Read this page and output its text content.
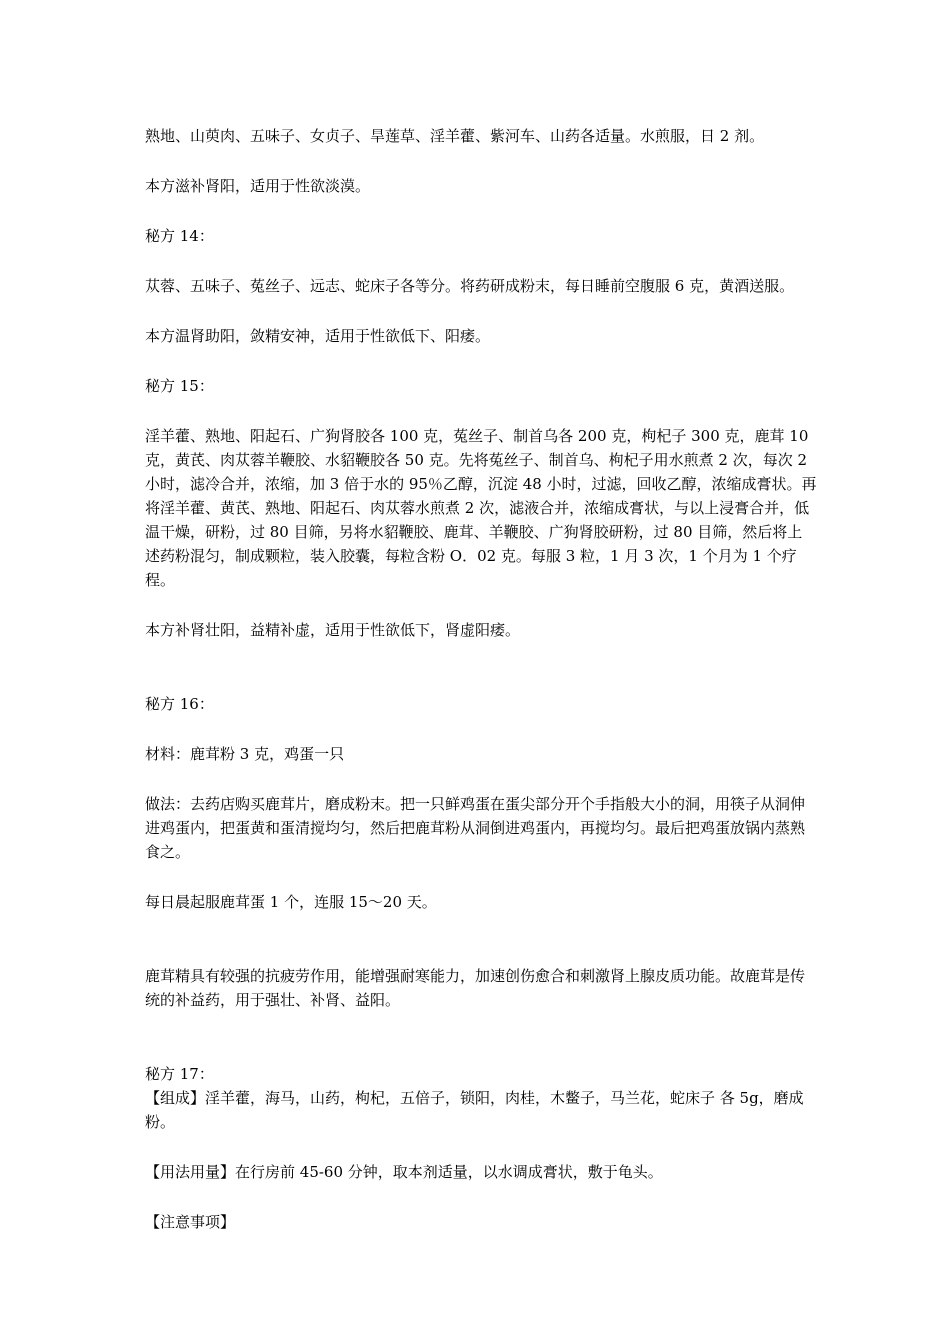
熟地、山萸肉、五味子、女贞子、旱莲草、淫羊藿、紫河车、山药各适量。水煎服，日 2 剂。

本方滋补肾阳，适用于性欲淡漠。

秘方 14：

苁蓉、五味子、菟丝子、远志、蛇床子各等分。将药研成粉末，每日睡前空腹服 6 克，黄酒送服。

本方温肾助阳，敛精安神，适用于性欲低下、阳痿。

秘方 15：

淫羊藿、熟地、阳起石、广狗肾胶各 100 克，菟丝子、制首乌各 200 克，枸杞子 300 克，鹿茸 10 克，黄芪、肉苁蓉羊鞭胶、水貂鞭胶各 50 克。先将菟丝子、制首乌、枸杞子用水煎煮 2 次，每次 2 小时，滤冷合并，浓缩，加 3 倍于水的 95％乙醇，沉淀 48 小时，过滤，回收乙醇，浓缩成膏状。再将淫羊藿、黄芪、熟地、阳起石、肉苁蓉水煎煮 2 次，滤液合并，浓缩成膏状，与以上浸膏合并，低温干燥，研粉，过 80 目筛，另将水貂鞭胶、鹿茸、羊鞭胶、广狗肾胶研粉，过 80 目筛，然后将上述药粉混匀，制成颗粒，装入胶囊，每粒含粉 O．02 克。每服 3 粒，1 月 3 次，1 个月为 1 个疗程。

本方补肾壮阳，益精补虚，适用于性欲低下，肾虚阳痿。

秘方 16：

材料：鹿茸粉 3 克，鸡蛋一只

做法：去药店购买鹿茸片，磨成粉末。把一只鲜鸡蛋在蛋尖部分开个手指般大小的洞，用筷子从洞伸进鸡蛋内，把蛋黄和蛋清搅均匀，然后把鹿茸粉从洞倒进鸡蛋内，再搅均匀。最后把鸡蛋放锅内蒸熟食之。

每日晨起服鹿茸蛋 1 个，连服 15～20 天。

鹿茸精具有较强的抗疲劳作用，能增强耐寒能力，加速创伤愈合和刺激肾上腺皮质功能。故鹿茸是传统的补益药，用于强壮、补肾、益阳。

秘方 17：

【组成】淫羊藿，海马，山药，枸杞，五倍子，锁阳，肉桂，木鳖子，马兰花，蛇床子 各 5g，磨成粉。

【用法用量】在行房前 45-60 分钟，取本剂适量，以水调成膏状，敷于龟头。

【注意事项】
